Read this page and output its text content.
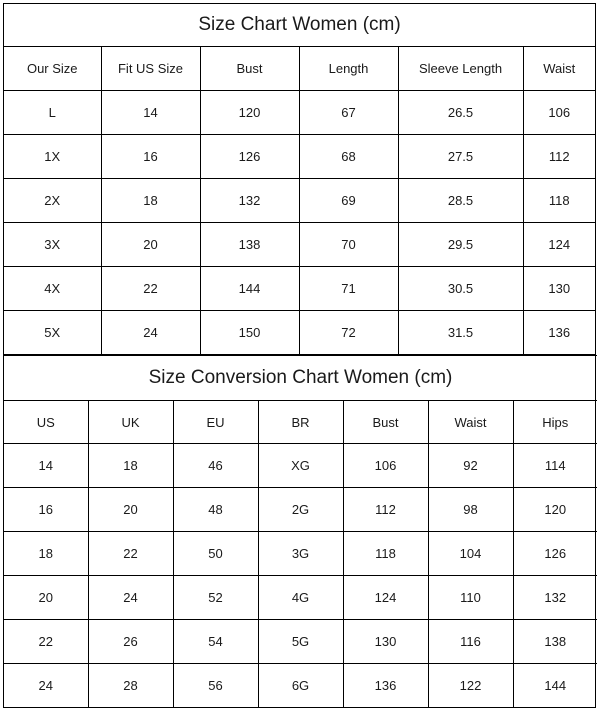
Size Chart Women (cm)					
Our Size	Fit US Size	Bust	Length	Sleeve Length	Waist
L	14	120	67	26.5	106
1X	16	126	68	27.5	112
2X	18	132	69	28.5	118
3X	20	138	70	29.5	124
4X	22	144	71	30.5	130
5X	24	150	72	31.5	136
Size Conversion Chart Women (cm)						
US	UK	EU	BR	Bust	Waist	Hips
14	18	46	XG	106	92	114
16	20	48	2G	112	98	120
18	22	50	3G	118	104	126
20	24	52	4G	124	110	132
22	26	54	5G	130	116	138
24	28	56	6G	136	122	144
